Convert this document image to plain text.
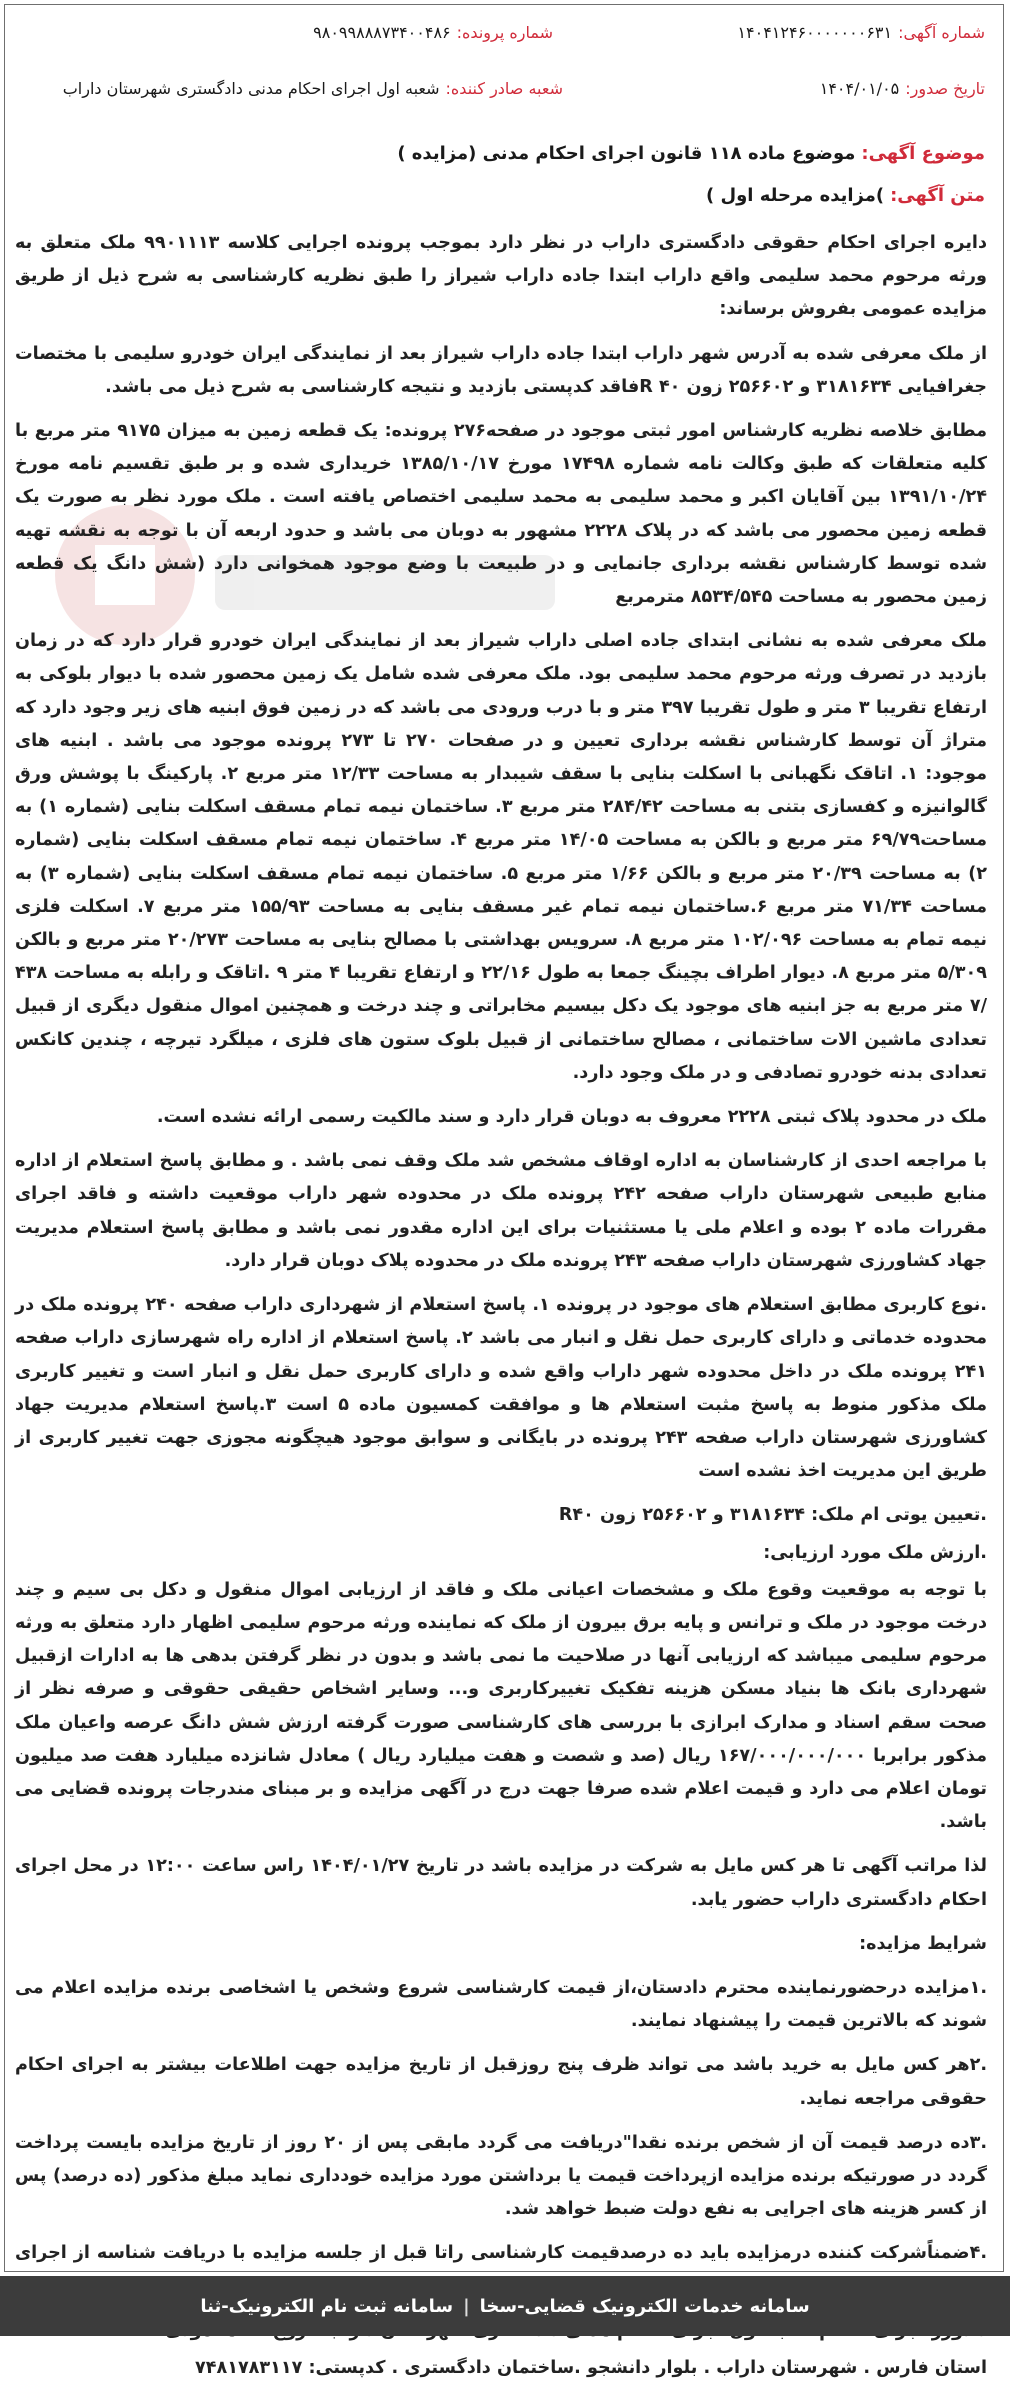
شماره آگهی:
۱۴۰۴۱۲۴۶۰۰۰۰۰۰۰۶۳۱
شماره پرونده:
۹۸۰۹۹۸۸۸۷۳۴۰۰۴۸۶
تاریخ صدور:
۱۴۰۴/۰۱/۰۵
شعبه صادر کننده:
شعبه اول اجرای احکام مدنی دادگستری شهرستان داراب
موضوع آگهی:
موضوع ماده ۱۱۸ قانون اجرای احکام مدنی (مزایده )
متن آگهی:
)مزایده مرحله اول )

دایره اجرای احکام حقوقی دادگستری داراب در نظر دارد بموجب پرونده اجرایی کلاسه ۹۹۰۱۱۱۳ ملک متعلق به ورثه مرحوم محمد سلیمی واقع داراب ابتدا جاده داراب شیراز را طبق نظریه کارشناسی به شرح ذیل از طریق مزایده عمومی بفروش برساند:

از ملک معرفی شده به آدرس شهر داراب ابتدا جاده داراب شیراز بعد از نمایندگی ایران خودرو سلیمی با مختصات جغرافیایی ۳۱۸۱۶۳۴ و ۲۵۶۶۰۲ زون ۴۰ Rفاقد کدپستی بازدید و نتیجه کارشناسی به شرح ذیل می باشد.

مطابق خلاصه نظریه کارشناس امور ثبتی موجود در صفحه۲۷۶ پرونده: یک قطعه زمین به میزان ۹۱۷۵ متر مربع با کلیه متعلقات که طبق وکالت نامه شماره ۱۷۴۹۸ مورخ ۱۳۸۵/۱۰/۱۷ خریداری شده و بر طبق تقسیم نامه مورخ ۱۳۹۱/۱۰/۲۴ بین آقایان اکبر و محمد سلیمی به محمد سلیمی اختصاص یافته است . ملک مورد نظر به صورت یک قطعه زمین محصور می باشد که در پلاک ۲۲۲۸ مشهور به دوبان می باشد و حدود اربعه آن با توجه به نقشه تهیه شده توسط کارشناس نقشه برداری جانمایی و در طبیعت با وضع موجود همخوانی دارد (شش دانگ یک قطعه زمین محصور به مساحت ۸۵۳۴/۵۴۵ مترمربع

ملک معرفی شده به نشانی ابتدای جاده اصلی داراب شیراز بعد از نمایندگی ایران خودرو قرار دارد که در زمان بازدید در تصرف ورثه مرحوم محمد سلیمی بود. ملک معرفی شده شامل یک زمین محصور شده با دیوار بلوکی به ارتفاع تقریبا ۳ متر و طول تقریبا ۳۹۷ متر و با درب ورودی می باشد که در زمین فوق ابنیه های زیر وجود دارد که متراژ آن توسط کارشناس نقشه برداری تعیین و در صفحات ۲۷۰ تا ۲۷۳ پرونده موجود می باشد . ابنیه های موجود: ۱. اتاقک نگهبانی با اسکلت بنایی با سقف شیبدار به مساحت ۱۲/۳۳ متر مربع ۲. پارکینگ با پوشش ورق گالوانیزه و کفسازی بتنی به مساحت ۲۸۴/۴۲ متر مربع ۳. ساختمان نیمه تمام مسقف اسکلت بنایی (شماره ۱) به مساحت۶۹/۷۹ متر مربع و بالکن به مساحت ۱۴/۰۵ متر مربع ۴. ساختمان نیمه تمام مسقف اسکلت بنایی (شماره ۲) به مساحت ۲۰/۳۹ متر مربع و بالکن ۱/۶۶ متر مربع ۵. ساختمان نیمه تمام مسقف اسکلت بنایی (شماره ۳) به مساحت ۷۱/۳۴ متر مربع ۶.ساختمان نیمه تمام غیر مسقف بنایی به مساحت ۱۵۵/۹۳ متر مربع ۷. اسکلت فلزی نیمه تمام به مساحت ۱۰۲/۰۹۶ متر مربع ۸. سرویس بهداشتی با مصالح بنایی به مساحت ۲۰/۲۷۳ متر مربع و بالکن ۵/۳۰۹ متر مربع ۸. دیوار اطراف بچینگ جمعا به طول ۲۲/۱۶ و ارتفاع تقریبا ۴ متر ۹ .اتاقک و رابله به مساحت ۴۳۸ /۷ متر مربع به جز ابنیه های موجود یک دکل بیسیم مخابراتی و چند درخت و همچنین اموال منقول دیگری از قبیل تعدادی ماشین الات ساختمانی ، مصالح ساختمانی از قبیل بلوک ستون های فلزی ، میلگرد تیرچه ، چندین کانکس تعدادی بدنه خودرو تصادفی و در ملک وجود دارد.

ملک در محدود پلاک ثبتی ۲۲۲۸ معروف به دوبان قرار دارد و سند مالکیت رسمی ارائه نشده است.

با مراجعه احدی از کارشناسان به اداره اوقاف مشخص شد ملک وقف نمی باشد . و مطابق پاسخ استعلام از اداره منابع طبیعی شهرستان داراب صفحه ۲۴۲ پرونده ملک در محدوده شهر داراب موقعیت داشته و فاقد اجرای مقررات ماده ۲ بوده و اعلام ملی یا مستثنیات برای این اداره مقدور نمی باشد و مطابق پاسخ استعلام مدیریت جهاد کشاورزی شهرستان داراب صفحه ۲۴۳ پرونده ملک در محدوده پلاک دوبان قرار دارد.

.نوع کاربری مطابق استعلام های موجود در پرونده ۱. پاسخ استعلام از شهرداری داراب صفحه ۲۴۰ پرونده ملک در محدوده خدماتی و دارای کاربری حمل نقل و انبار می باشد ۲. پاسخ استعلام از اداره راه شهرسازی داراب صفحه ۲۴۱ پرونده ملک در داخل محدوده شهر داراب واقع شده و دارای کاربری حمل نقل و انبار است و تغییر کاربری ملک مذکور منوط به پاسخ مثبت استعلام ها و موافقت کمسیون ماده ۵ است ۳.پاسخ استعلام مدیریت جهاد کشاورزی شهرستان داراب صفحه ۲۴۳ پرونده در بایگانی و سوابق موجود هیچگونه مجوزی جهت تغییر کاربری از طریق این مدیریت اخذ نشده است

.تعیین یوتی ام ملک: ۳۱۸۱۶۳۴ و ۲۵۶۶۰۲ زون R۴۰

.ارزش ملک مورد ارزیابی:

با توجه به موقعیت وقوع ملک و مشخصات اعیانی ملک و فاقد از ارزیابی اموال منقول و دکل بی سیم و چند درخت موجود در ملک و ترانس و پایه برق بیرون از ملک که نماینده ورثه مرحوم سلیمی اظهار دارد متعلق به ورثه مرحوم سلیمی میباشد که ارزیابی آنها در صلاحیت ما نمی باشد و بدون در نظر گرفتن بدهی ها به ادارات ازقبیل شهرداری بانک ها بنیاد مسکن هزینه تفکیک تغییرکاربری و... وسایر اشخاص حقیقی حقوقی و صرفه نظر از صحت سقم اسناد و مدارک ابرازی با بررسی های کارشناسی صورت گرفته ارزش شش دانگ عرصه واعیان ملک مذکور برابربا ۱۶۷/۰۰۰/۰۰۰/۰۰۰ ریال (صد و شصت و هفت میلیارد ریال ) معادل شانزده میلیارد هفت صد میلیون تومان اعلام می دارد و قیمت اعلام شده صرفا جهت درج در آگهی مزایده و بر مبنای مندرجات پرونده قضایی می باشد.

لذا مراتب آگهی تا هر کس مایل به شرکت در مزایده باشد در تاریخ ۱۴۰۴/۰۱/۲۷ راس ساعت ۱۲:۰۰ در محل اجرای احکام دادگستری داراب حضور یابد.

شرایط مزایده:

.۱مزایده درحضورنماینده محترم دادستان،از قیمت کارشناسی شروع وشخص یا اشخاصی برنده مزایده اعلام می شوند که بالاترین قیمت را پیشنهاد نمایند.

.۲هر کس مایل به خرید باشد می تواند ظرف پنج روزقبل از تاریخ مزایده جهت اطلاعات بیشتر به اجرای احکام حقوقی مراجعه نماید.

.۳ده درصد قیمت آن از شخص برنده نقدا"دریافت می گردد مابقی پس از ۲۰ روز از تاریخ مزایده بایست پرداخت گردد در صورتیکه برنده مزایده ازپرداخت قیمت یا برداشتن مورد مزایده خودداری نماید مبلغ مذکور (ده درصد) پس از کسر هزینه های اجرایی به نفع دولت ضبط خواهد شد.

.۴ضمناًشرکت کننده درمزایده باید ده درصدقیمت کارشناسی راتا قبل از جلسه مزایده با دریافت شناسه از اجرای

استان فارس . شهرستان داراب . بلوار دانشجو .ساختمان دادگستری . کدپستی: ۷۴۸۱۷۸۳۱۱۷

سامانه خدمات الکترونیک قضایی-سخا
|
سامانه ثبت نام الکترونیک-ثنا
